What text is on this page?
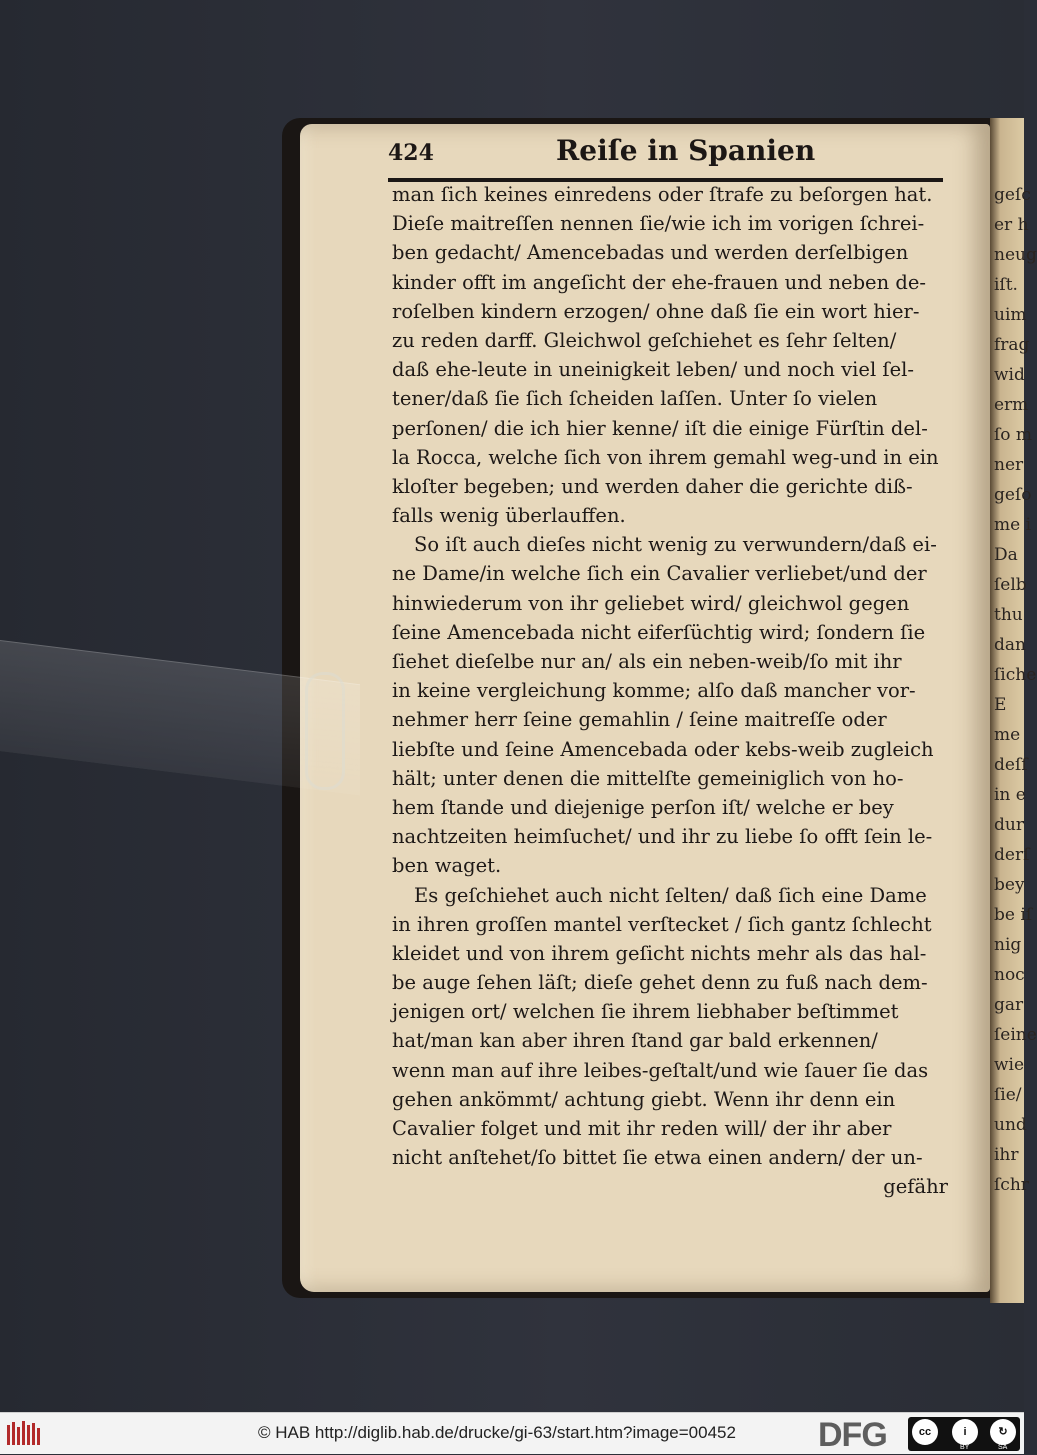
geſc
er h
neug
iſt.
uim
frag
wid
erm
ſo m
ner
geſo
me i
Da
ſelb
thu
dan
ſiche
E
me
deſſ
in e
dur
derſ
bey
be iſ
nig
noc
gar
ſeine
wie
ſie/
und
ihr
ſchr
424	Reiſe in Spanien
man ſich keines einredens oder ſtrafe zu beſorgen hat.
Dieſe maitreſſen nennen ſie/wie ich im vorigen ſchrei-
ben gedacht/ Amencebadas und werden derſelbigen
kinder offt im angeſicht der ehe-frauen und neben de-
roſelben kindern erzogen/ ohne daß ſie ein wort hier-
zu reden darff. Gleichwol geſchiehet es ſehr ſelten/
daß ehe-leute in uneinigkeit leben/ und noch viel ſel-
tener/daß ſie ſich ſcheiden laſſen. Unter ſo vielen
perſonen/ die ich hier kenne/ iſt die einige Fürſtin del-
la Rocca, welche ſich von ihrem gemahl weg-und in ein
kloſter begeben; und werden daher die gerichte diß-
falls wenig überlauffen.
So iſt auch dieſes nicht wenig zu verwundern/daß ei-
ne Dame/in welche ſich ein Cavalier verliebet/und der
hinwiederum von ihr geliebet wird/ gleichwol gegen
ſeine Amencebada nicht eiferſüchtig wird; ſondern ſie
ſiehet dieſelbe nur an/ als ein neben-weib/ſo mit ihr
in keine vergleichung komme; alſo daß mancher vor-
nehmer herr ſeine gemahlin / ſeine maitreſſe oder
liebſte und ſeine Amencebada oder kebs-weib zugleich
hält; unter denen die mittelſte gemeiniglich von ho-
hem ſtande und diejenige perſon iſt/ welche er bey
nachtzeiten heimſuchet/ und ihr zu liebe ſo offt ſein le-
ben waget.
Es geſchiehet auch nicht ſelten/ daß ſich eine Dame
in ihren groſſen mantel verſtecket / ſich gantz ſchlecht
kleidet und von ihrem geſicht nichts mehr als das hal-
be auge ſehen läſt; dieſe gehet denn zu fuß nach dem-
jenigen ort/ welchen ſie ihrem liebhaber beſtimmet
hat/man kan aber ihren ſtand gar bald erkennen/
wenn man auf ihre leibes-geſtalt/und wie ſauer ſie das
gehen ankömmt/ achtung giebt. Wenn ihr denn ein
Cavalier folget und mit ihr reden will/ der ihr aber
nicht anſtehet/ſo bittet ſie etwa einen andern/ der un-
gefähr
© HAB http://diglib.hab.de/drucke/gi-63/start.htm?image=00452 DFG	cc	i	↻
BY	SA
